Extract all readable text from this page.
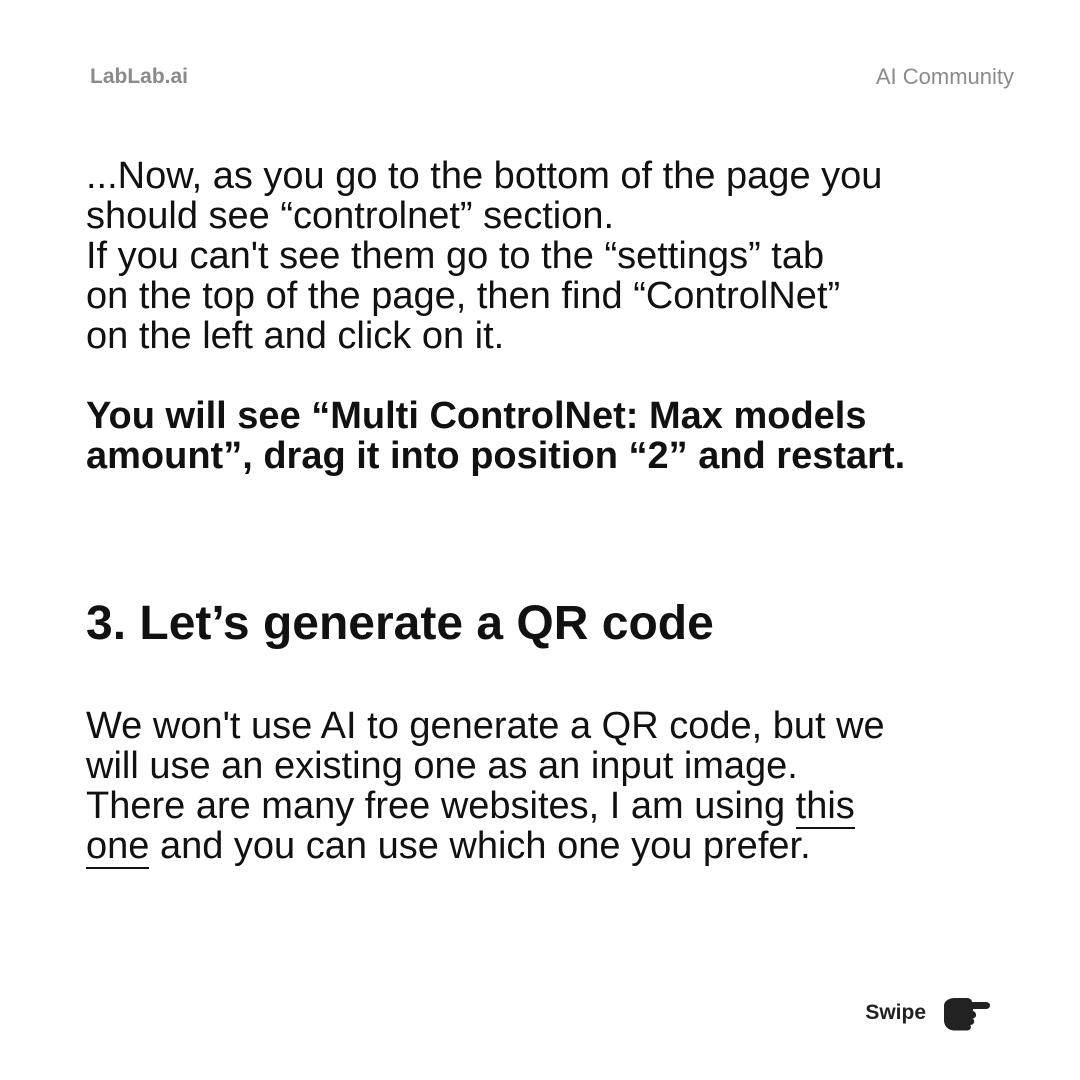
LabLab.ai	AI Community

...Now, as you go to the bottom of the page you
should see “controlnet” section.
If you can't see them go to the “settings” tab
on the top of the page, then find “ControlNet”
on the left and click on it.

You will see “Multi ControlNet: Max models
amount”, drag it into position “2” and restart.

3. Let’s generate a QR code

We won't use AI to generate a QR code, but we
will use an existing one as an input image.
There are many free websites, I am using this
one and you can use which one you prefer.

Swipe
